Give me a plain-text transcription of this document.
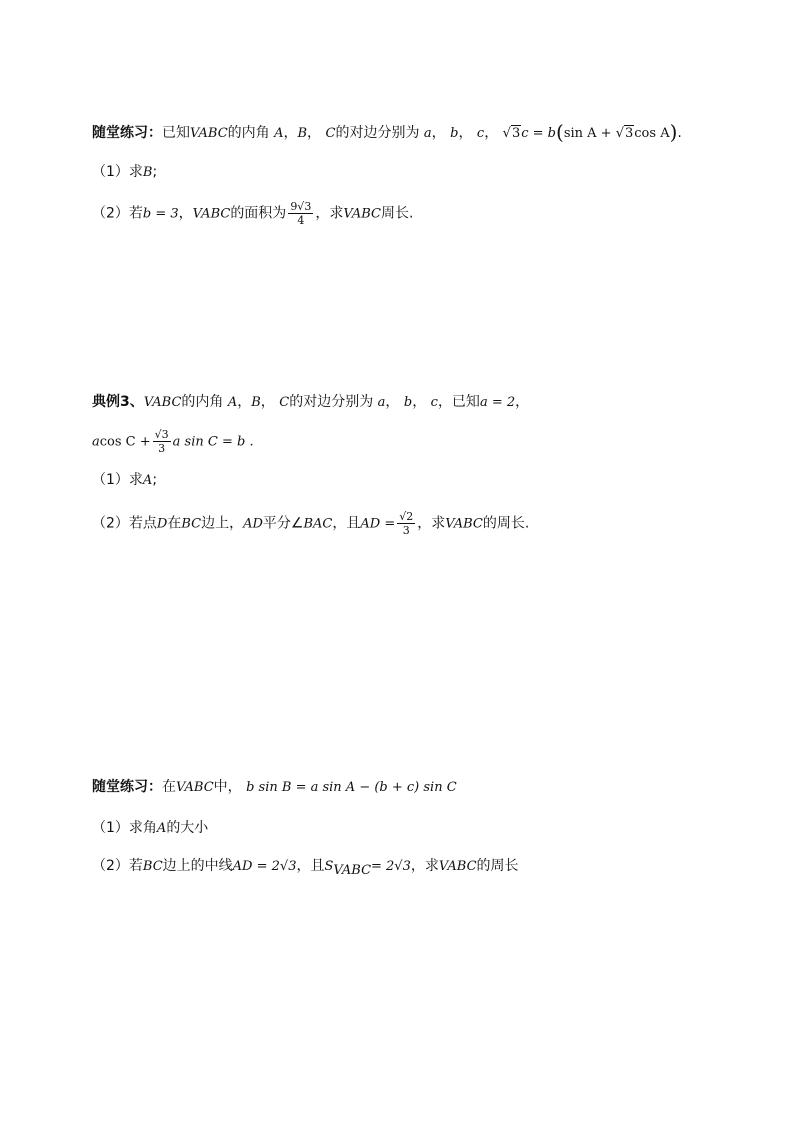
随堂练习：已知VABC的内角 A，B， C的对边分别为 a， b， c， √3c = b(sin A + √3cos A).
（1）求B;
（2）若b = 3，VABC的面积为 $\frac{9√3}{4}$ ，求VABC周长.
典例3、VABC的内角 A，B， C的对边分别为 a， b， c，已知a = 2，
acos $C + \frac{√3}{3}$ a sin C = b .
（1）求A;
（2）若点D在BC边上，AD平分∠BAC，且AD = $\frac{√2}{3}$ ，求VABC的周长.
随堂练习：在VABC中， b sin B = a sin A − (b + c) sin C
（1）求角A的大小
（2）若BC边上的中线AD = 2√3，且$S_{VABC}= 2√3$，求VABC的周长
